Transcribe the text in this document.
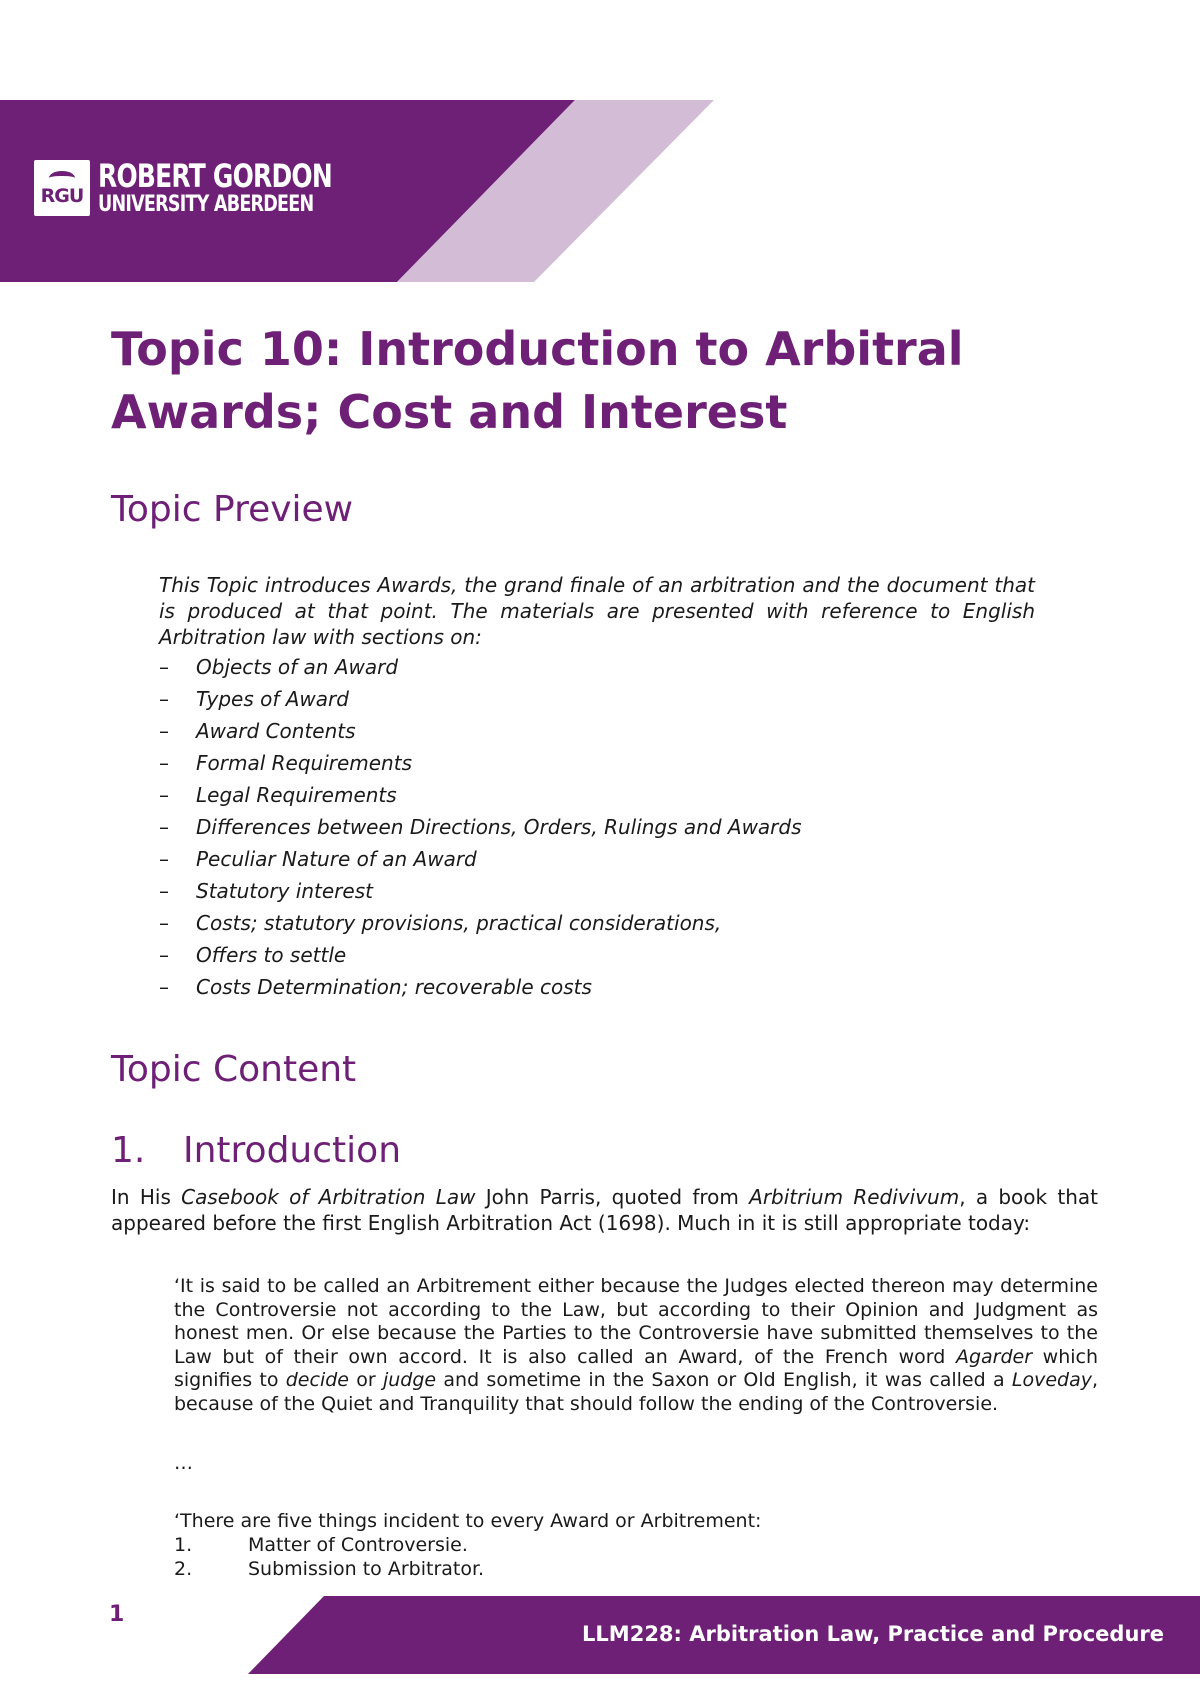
RGU
ROBERT GORDON
UNIVERSITY ABERDEEN
Topic 10: Introduction to Arbitral Awards; Cost and Interest
Topic Preview

This Topic introduces Awards, the grand finale of an arbitration and the document that is produced at that point. The materials are presented with reference to English Arbitration law with sections on:

– Objects of an Award
– Types of Award
– Award Contents
– Formal Requirements
– Legal Requirements
– Differences between Directions, Orders, Rulings and Awards
– Peculiar Nature of an Award
– Statutory interest
– Costs; statutory provisions, practical considerations,
– Offers to settle
– Costs Determination; recoverable costs
Topic Content
1. Introduction

In His Casebook of Arbitration Law John Parris, quoted from Arbitrium Redivivum, a book that appeared before the first English Arbitration Act (1698). Much in it is still appropriate today:

‘It is said to be called an Arbitrement either because the Judges elected thereon may determine the Controversie not according to the Law, but according to their Opinion and Judgment as honest men. Or else because the Parties to the Controversie have submitted themselves to the Law but of their own accord. It is also called an Award, of the French word Agarder which signifies to decide or judge and sometime in the Saxon or Old English, it was called a Loveday, because of the Quiet and Tranquility that should follow the ending of the Controversie.

…

‘There are five things incident to every Award or Arbitrement:

1.	Matter of Controversie.
2.	Submission to Arbitrator.

1

LLM228: Arbitration Law, Practice and Procedure
